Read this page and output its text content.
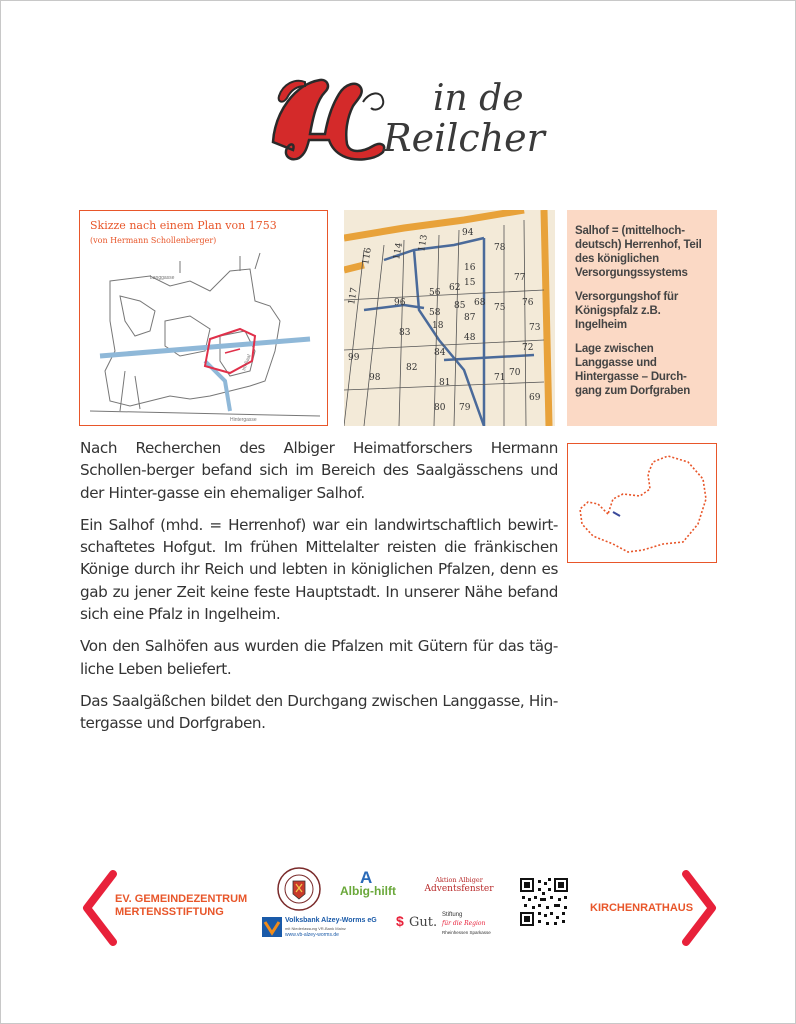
in de
Reilcher
Skizze nach einem Plan von 1753
(von Hermann Schollenberger)
Langgasse
Hintergasse
Im Saal
116 114 113
94
78
117	96
16
15	77
76
75
56 62
58
18
85
87
68
48
83
99
98
82
84
71
81
70
72
80 79
73
69

Salhof = (mittelhoch-deutsch) Herrenhof, Teil des königlichen Versorgungssystems

Versorgungshof für Königspfalz z.B. Ingelheim

Lage zwischen Langgasse und Hintergasse – Durch-gang zum Dorfgraben

Nach Recherchen des Albiger Heimatforschers Hermann Schollen-berger befand sich im Bereich des Saalgässchens und der Hinter-gasse ein ehemaliger Salhof.

Ein Salhof (mhd. = Herrenhof) war ein landwirtschaftlich bewirt-schaftetes Hofgut. Im frühen Mittelalter reisten die fränkischen Könige durch ihr Reich und lebten in königlichen Pfalzen, denn es gab zu jener Zeit keine feste Hauptstadt. In unserer Nähe befand sich eine Pfalz in Ingelheim.

Von den Salhöfen aus wurden die Pfalzen mit Gütern für das täg-liche Leben beliefert.

Das Saalgäßchen bildet den Durchgang zwischen Langgasse, Hin-tergasse und Dorfgraben.

EV. GEMEINDEZENTRUM
MERTENSSTIFTUNG	KIRCHENRATHAUS
A
Albig-hilft
Aktion Albiger
Adventsfenster
Volksbank Alzey-Worms eG
mit Niederlassung VR-Bank Mainz
www.vb-alzey-worms.de
$ Gut. Stiftung
für die Region
Rheinhessen Sparkasse
